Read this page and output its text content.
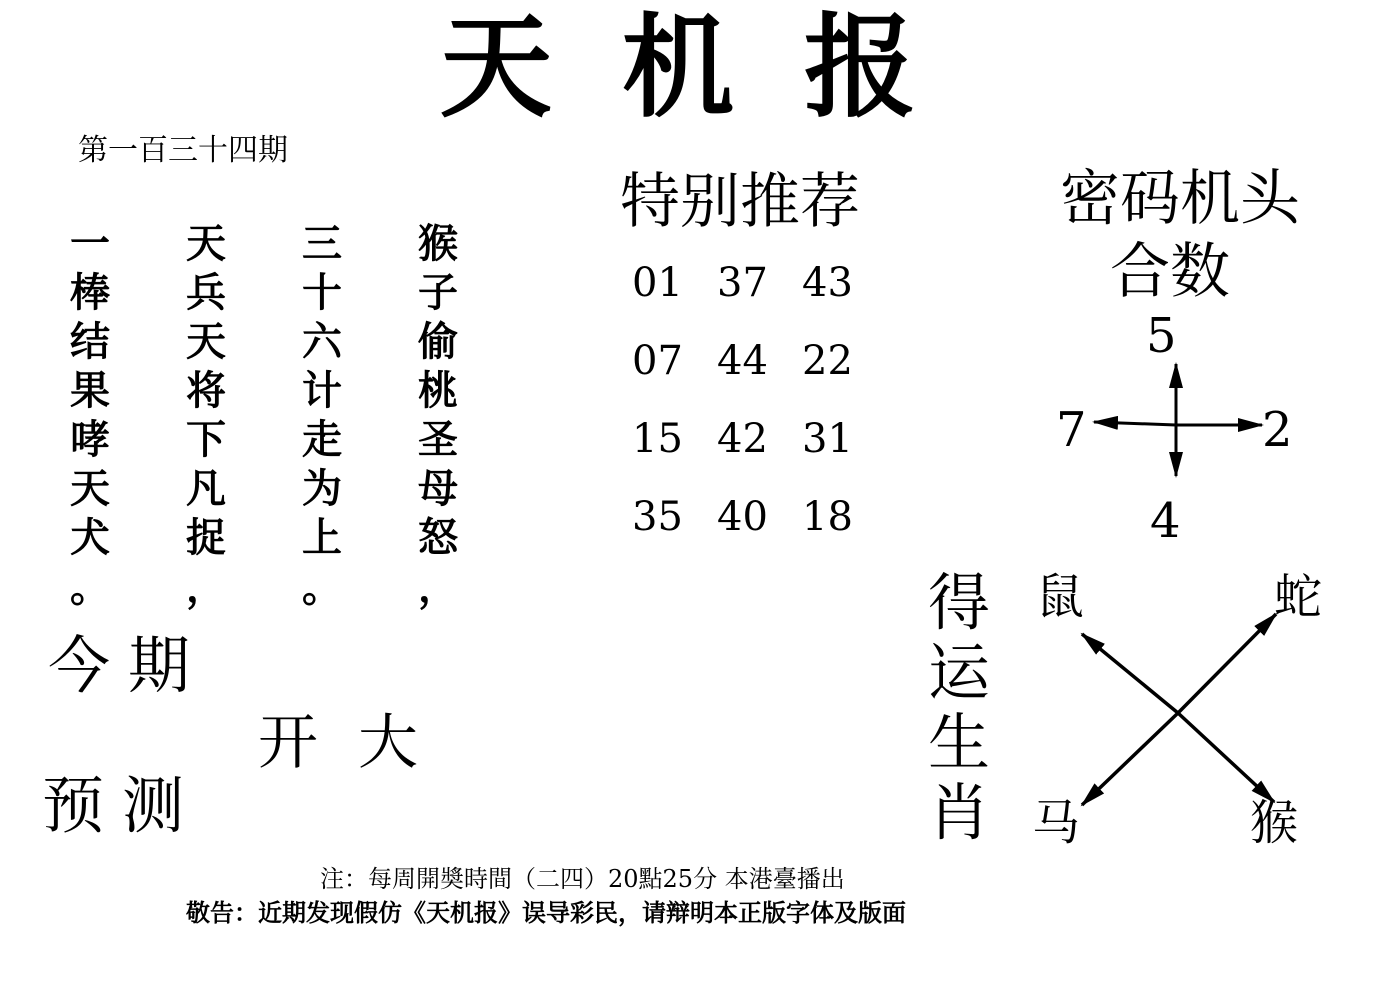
天机报
第一百三十四期
一
棒
结
果
哮
天
犬
。
天
兵
天
将
下
凡
捉
，
三
十
六
计
走
为
上
。
猴
子
偷
桃
圣
母
怒
，
今期
开大
预测
特别推荐
01 37 43
07 44 22
15 42 31
35 40 18
密码机头
合数
5
7	2
4
得运生肖
鼠	蛇
马	猴
注：每周開奬時間（二四）20點25分 本港臺播出
敬告：近期发现假仿《天机报》误导彩民，请辩明本正版字体及版面
